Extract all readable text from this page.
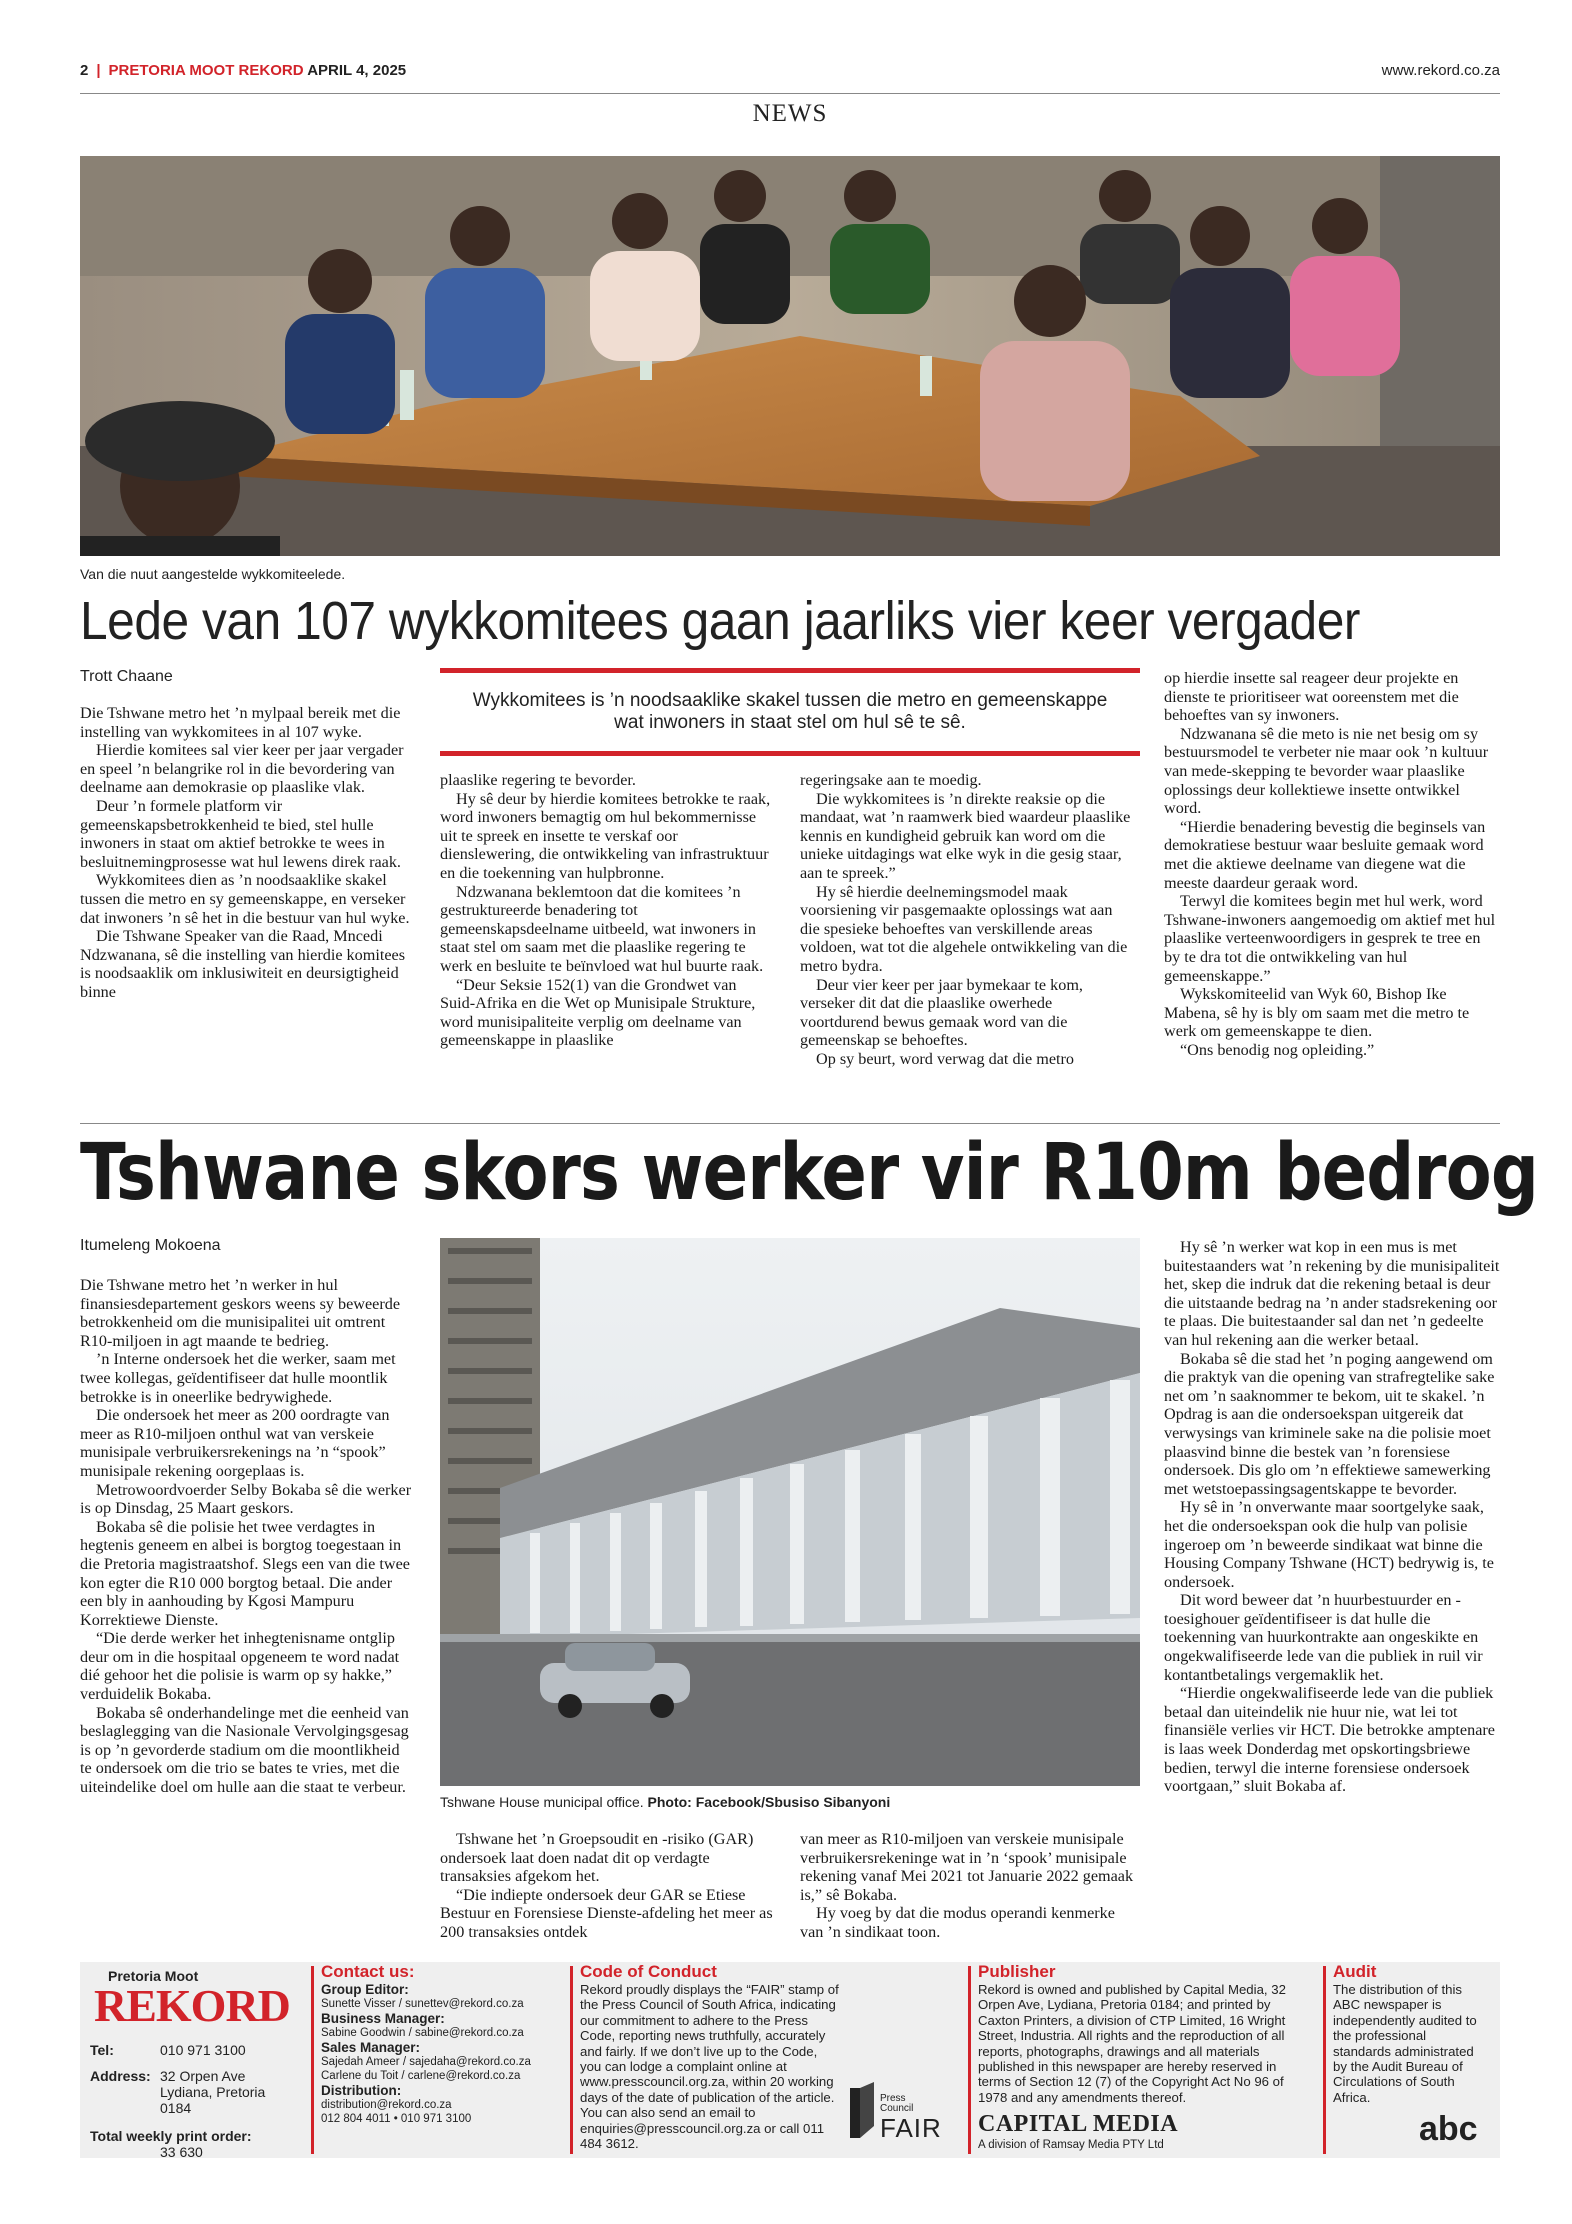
2 | PRETORIA MOOT REKORD APRIL 4, 2025	www.rekord.co.za
NEWS
Van die nuut aangestelde wykkomiteelede.
Lede van 107 wykkomitees gaan jaarliks vier keer vergader
Trott Chaane
Wykkomitees is ’n noodsaaklike skakel tussen die metro en gemeenskappe wat inwoners in staat stel om hul sê te sê.

Die Tshwane metro het ’n mylpaal bereik met die instelling van wykkomitees in al 107 wyke.

Hierdie komitees sal vier keer per jaar vergader en speel ’n belangrike rol in die bevordering van deelname aan demokrasie op plaaslike vlak.

Deur ’n formele platform vir gemeenskapsbetrokkenheid te bied, stel hulle inwoners in staat om aktief betrokke te wees in besluitnemingprosesse wat hul lewens direk raak.

Wykkomitees dien as ’n noodsaaklike skakel tussen die metro en sy gemeenskappe, en verseker dat inwoners ’n sê het in die bestuur van hul wyke.

Die Tshwane Speaker van die Raad, Mncedi Ndzwanana, sê die instelling van hierdie komitees is noodsaaklik om inklusiwiteit en deursigtigheid binne

plaaslike regering te bevorder.

Hy sê deur by hierdie komitees betrokke te raak, word inwoners bemagtig om hul bekommernisse uit te spreek en insette te verskaf oor dienslewering, die ontwikkeling van infrastruktuur en die toekenning van hulpbronne.

Ndzwanana beklemtoon dat die komitees ’n gestruktureerde benadering tot gemeenskapsdeelname uitbeeld, wat inwoners in staat stel om saam met die plaaslike regering te werk en besluite te beïnvloed wat hul buurte raak.

“Deur Seksie 152(1) van die Grondwet van Suid-Afrika en die Wet op Munisipale Strukture, word munisipaliteite verplig om deelname van gemeenskappe in plaaslike

regeringsake aan te moedig.

Die wykkomitees is ’n direkte reaksie op die mandaat, wat ’n raamwerk bied waardeur plaaslike kennis en kundigheid gebruik kan word om die unieke uitdagings wat elke wyk in die gesig staar, aan te spreek.”

Hy sê hierdie deelnemingsmodel maak voorsiening vir pasgemaakte oplossings wat aan die spesieke behoeftes van verskillende areas voldoen, wat tot die algehele ontwikkeling van die metro bydra.

Deur vier keer per jaar bymekaar te kom, verseker dit dat die plaaslike owerhede voortdurend bewus gemaak word van die gemeenskap se behoeftes.

Op sy beurt, word verwag dat die metro

op hierdie insette sal reageer deur projekte en dienste te prioritiseer wat ooreenstem met die behoeftes van sy inwoners.

Ndzwanana sê die meto is nie net besig om sy bestuursmodel te verbeter nie maar ook ’n kultuur van mede-skepping te bevorder waar plaaslike oplossings deur kollektiewe insette ontwikkel word.

“Hierdie benadering bevestig die beginsels van demokratiese bestuur waar besluite gemaak word met die aktiewe deelname van diegene wat die meeste daardeur geraak word.

Terwyl die komitees begin met hul werk, word Tshwane-inwoners aangemoedig om aktief met hul plaaslike verteenwoordigers in gesprek te tree en by te dra tot die ontwikkeling van hul gemeenskappe.”

Wykskomiteelid van Wyk 60, Bishop Ike Mabena, sê hy is bly om saam met die metro te werk om gemeenskappe te dien.

“Ons benodig nog opleiding.”

Tshwane skors werker vir R10m bedrog
Itumeleng Mokoena
Tshwane House municipal office. Photo: Facebook/Sbusiso Sibanyoni

Die Tshwane metro het ’n werker in hul finansiesdepartement geskors weens sy beweerde betrokkenheid om die munisipalitei uit omtrent R10-miljoen in agt maande te bedrieg.

’n Interne ondersoek het die werker, saam met twee kollegas, geïdentifiseer dat hulle moontlik betrokke is in oneerlike bedrywighede.

Die ondersoek het meer as 200 oordragte van meer as R10-miljoen onthul wat van verskeie munisipale verbruikersrekenings na ’n “spook” munisipale rekening oorgeplaas is.

Metrowoordvoerder Selby Bokaba sê die werker is op Dinsdag, 25 Maart geskors.

Bokaba sê die polisie het twee verdagtes in hegtenis geneem en albei is borgtog toegestaan in die Pretoria magistraatshof. Slegs een van die twee kon egter die R10 000 borgtog betaal. Die ander een bly in aanhouding by Kgosi Mampuru Korrektiewe Dienste.

“Die derde werker het inhegtenisname ontglip deur om in die hospitaal opgeneem te word nadat dié gehoor het die polisie is warm op sy hakke,” verduidelik Bokaba.

Bokaba sê onderhandelinge met die eenheid van beslaglegging van die Nasionale Vervolgingsgesag is op ’n gevorderde stadium om die moontlikheid te ondersoek om die trio se bates te vries, met die uiteindelike doel om hulle aan die staat te verbeur.

Tshwane het ’n Groepsoudit en -risiko (GAR) ondersoek laat doen nadat dit op verdagte transaksies afgekom het.

“Die indiepte ondersoek deur GAR se Etiese Bestuur en Forensiese Dienste-afdeling het meer as 200 transaksies ontdek

van meer as R10-miljoen van verskeie munisipale verbruikersrekeninge wat in ’n ‘spook’ munisipale rekening vanaf Mei 2021 tot Januarie 2022 gemaak is,” sê Bokaba.

Hy voeg by dat die modus operandi kenmerke van ’n sindikaat toon.

Hy sê ’n werker wat kop in een mus is met buitestaanders wat ’n rekening by die munisipaliteit het, skep die indruk dat die rekening betaal is deur die uitstaande bedrag na ’n ander stadsrekening oor te plaas. Die buitestaander sal dan net ’n gedeelte van hul rekening aan die werker betaal.

Bokaba sê die stad het ’n poging aangewend om die praktyk van die opening van strafregtelike sake net om ’n saaknommer te bekom, uit te skakel. ’n Opdrag is aan die ondersoekspan uitgereik dat verwysings van kriminele sake na die polisie moet plaasvind binne die bestek van ’n forensiese ondersoek. Dis glo om ’n effektiewe samewerking met wetstoepassingsagentskappe te bevorder.

Hy sê in ’n onverwante maar soortgelyke saak, het die ondersoekspan ook die hulp van polisie ingeroep om ’n beweerde sindikaat wat binne die Housing Company Tshwane (HCT) bedrywig is, te ondersoek.

Dit word beweer dat ’n huurbestuurder en -toesighouer geïdentifiseer is dat hulle die toekenning van huurkontrakte aan ongeskikte en ongekwalifiseerde lede van die publiek in ruil vir kontantbetalings vergemaklik het.

“Hierdie ongekwalifiseerde lede van die publiek betaal dan uiteindelik nie huur nie, wat lei tot finansiële verlies vir HCT. Die betrokke amptenare is laas week Donderdag met opskortingsbriewe bedien, terwyl die interne forensiese ondersoek voortgaan,” sluit Bokaba af.

Pretoria Moot
REKORD
Tel:	010 971 3100
Address: 32 Orpen Ave
Lydiana, Pretoria
0184
Total weekly print order:
33 630
Contact us:
Group Editor:
Sunette Visser / sunettev@rekord.co.za
Business Manager:
Sabine Goodwin / sabine@rekord.co.za
Sales Manager:
Sajedah Ameer / sajedaha@rekord.co.za
Carlene du Toit / carlene@rekord.co.za
Distribution:
distribution@rekord.co.za
012 804 4011 • 010 971 3100
Code of Conduct
Rekord proudly displays the “FAIR” stamp of the Press Council of South Africa, indicating our commitment to adhere to the Press Code, reporting news truthfully, accurately and fairly. If we don’t live up to the Code, you can lodge a complaint online at www.presscouncil.org.za, within 20 working days of the date of publication of the article. You can also send an email to enquiries@presscouncil.org.za or call 011 484 3612.
Press Council
FAIR
Publisher
Rekord is owned and published by Capital Media, 32 Orpen Ave, Lydiana, Pretoria 0184; and printed by Caxton Printers, a division of CTP Limited, 16 Wright Street, Industria. All rights and the reproduction of all reports, photographs, drawings and all materials published in this newspaper are hereby reserved in terms of Section 12 (7) of the Copyright Act No 96 of 1978 and any amendments thereof.
CAPITAL MEDIA
A division of Ramsay Media PTY Ltd
Audit
The distribution of this ABC newspaper is independently audited to the professional standards administrated by the Audit Bureau of Circulations of South Africa.
abc
